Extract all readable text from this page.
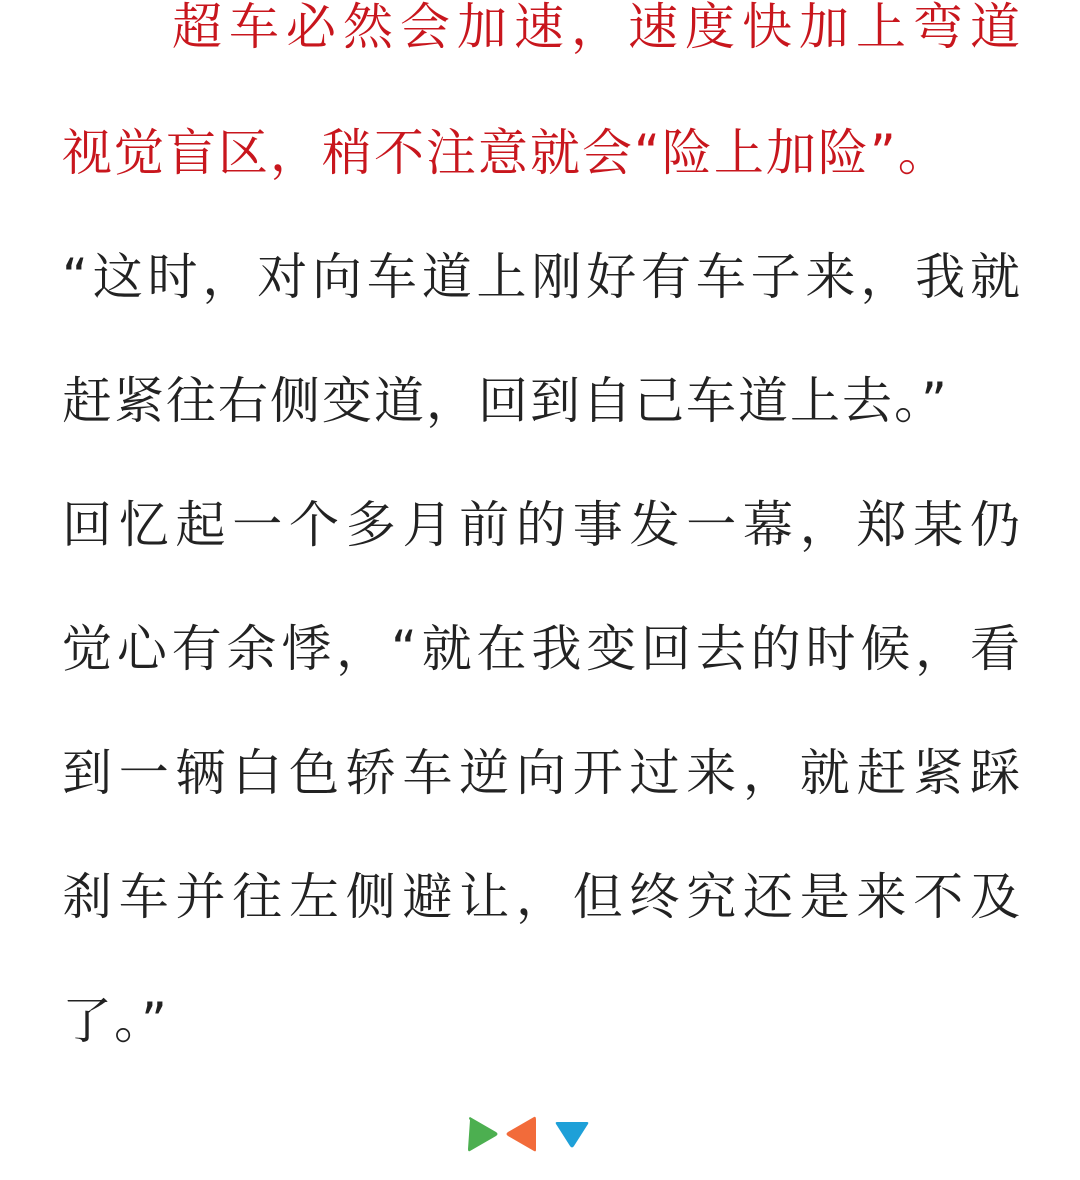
超车必然会加速，速度快加上弯道
视觉盲区，稍不注意就会“险上加险”。
“这时，对向车道上刚好有车子来，我就
赶紧往右侧变道，回到自己车道上去。”
回忆起一个多月前的事发一幕，郑某仍
觉心有余悸，“就在我变回去的时候，看
到一辆白色轿车逆向开过来，就赶紧踩
刹车并往左侧避让，但终究还是来不及
了。”
